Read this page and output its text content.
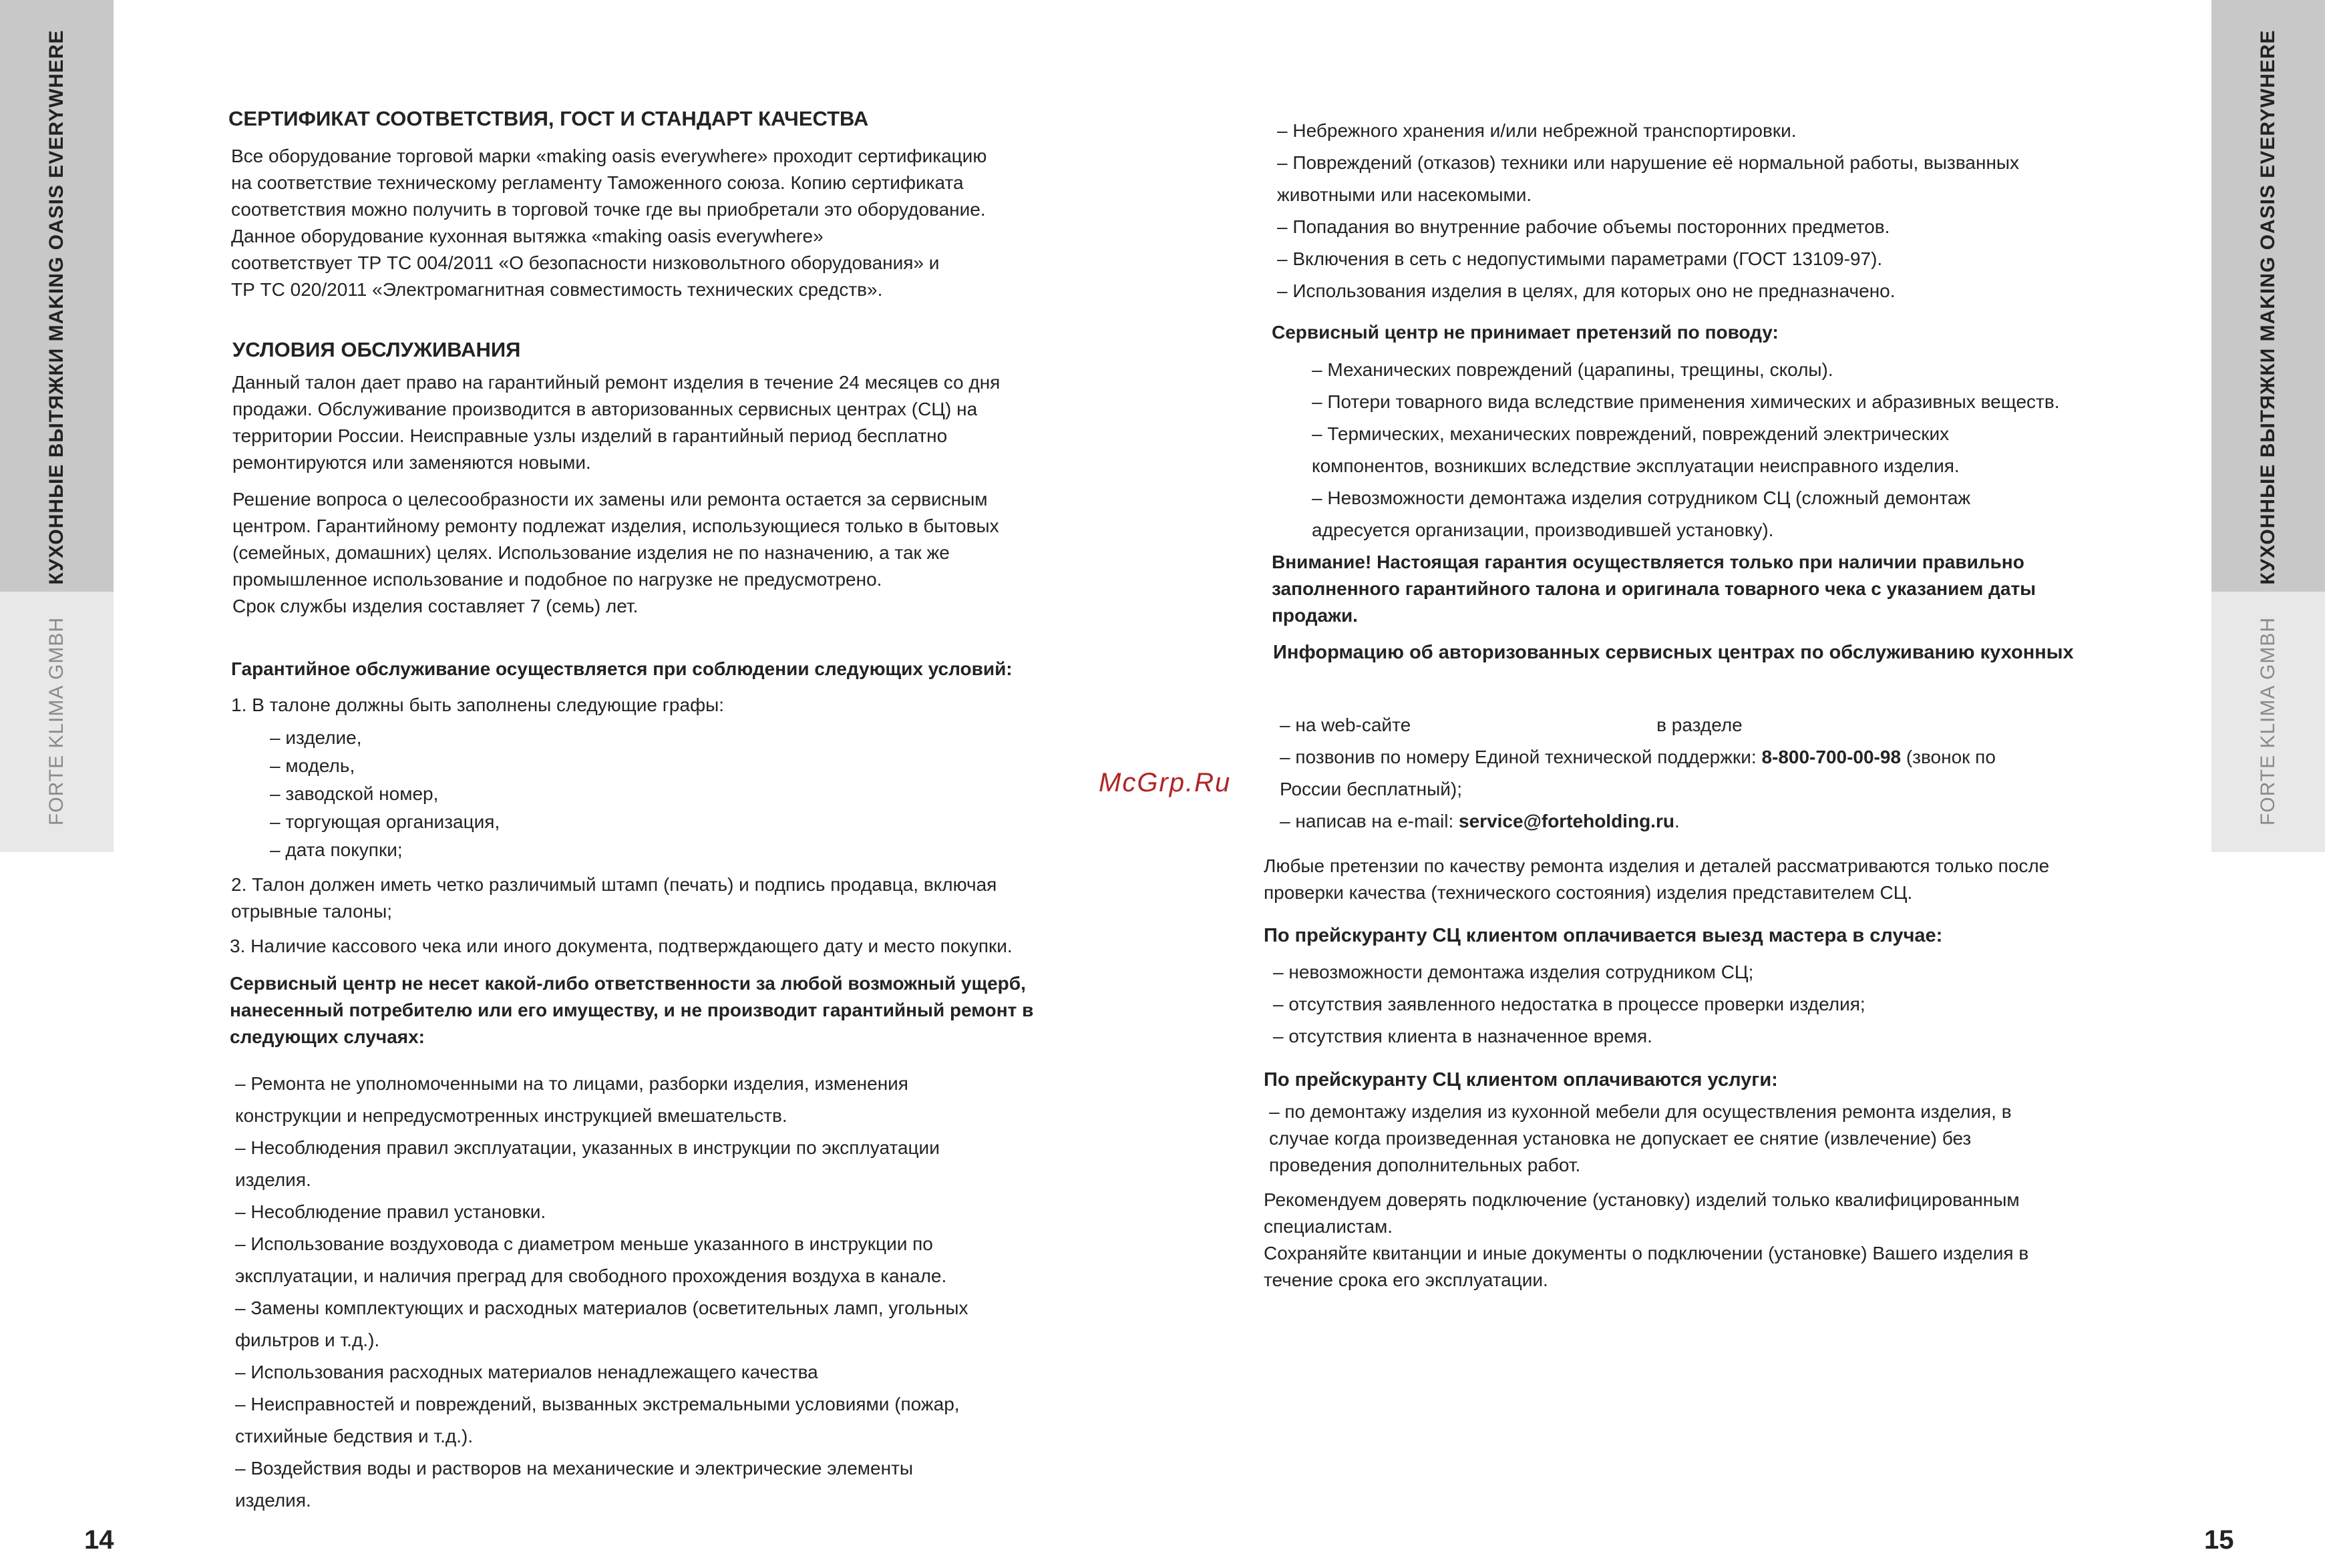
КУХОННЫЕ ВЫТЯЖКИ MAKING OASIS EVERYWHERE
FORTE KLIMA GMBH
КУХОННЫЕ ВЫТЯЖКИ MAKING OASIS EVERYWHERE
FORTE KLIMA GMBH
14	15
McGrp.Ru

СЕРТИФИКАТ СООТВЕТСТВИЯ, ГОСТ И СТАНДАРТ КАЧЕСТВА

Все оборудование торговой марки «making oasis everywhere» проходит сертификацию

на соответствие техническому регламенту Таможенного союза. Копию сертификата

соответствия можно получить в торговой точке где вы приобретали это оборудование.

Данное оборудование кухонная вытяжка «making oasis everywhere»

соответствует ТР ТС 004/2011 «О безопасности низковольтного оборудования» и

ТР ТС 020/2011 «Электромагнитная совместимость технических средств».

УСЛОВИЯ ОБСЛУЖИВАНИЯ

Данный талон дает право на гарантийный ремонт изделия в течение 24 месяцев со дня

продажи. Обслуживание производится в авторизованных сервисных центрах (СЦ) на

территории России. Неисправные узлы изделий в гарантийный период бесплатно

ремонтируются или заменяются новыми.

Решение вопроса о целесообразности их замены или ремонта остается за сервисным

центром. Гарантийному ремонту подлежат изделия, использующиеся только в бытовых

(семейных, домашних) целях. Использование изделия не по назначению, а так же

промышленное использование и подобное по нагрузке не предусмотрено.

Срок службы изделия составляет 7 (семь) лет.

Гарантийное обслуживание осуществляется при соблюдении следующих условий:

1. В талоне должны быть заполнены следующие графы:

– изделие,

– модель,

– заводской номер,

– торгующая организация,

– дата покупки;

2. Талон должен иметь четко различимый штамп (печать) и подпись продавца, включая

отрывные талоны;

3. Наличие кассового чека или иного документа, подтверждающего дату и место покупки.

Сервисный центр не несет какой-либо ответственности за любой возможный ущерб,

нанесенный потребителю или его имуществу, и не производит гарантийный ремонт в

следующих случаях:

– Ремонта не уполномоченными на то лицами, разборки изделия, изменения

конструкции и непредусмотренных инструкцией вмешательств.

– Несоблюдения правил эксплуатации, указанных в инструкции по эксплуатации

изделия.

– Несоблюдение правил установки.

– Использование воздуховода с диаметром меньше указанного в инструкции по

эксплуатации, и наличия преград для свободного прохождения воздуха в канале.

– Замены комплектующих и расходных материалов (осветительных ламп, угольных

фильтров и т.д.).

– Использования расходных материалов ненадлежащего качества

– Неисправностей и повреждений, вызванных экстремальными условиями (пожар,

стихийные бедствия и т.д.).

– Воздействия воды и растворов на механические и электрические элементы

изделия.

– Небрежного хранения и/или небрежной транспортировки.

– Повреждений (отказов) техники или нарушение её нормальной работы, вызванных

животными или насекомыми.

– Попадания во внутренние рабочие объемы посторонних предметов.

– Включения в сеть с недопустимыми параметрами (ГОСТ 13109-97).

– Использования изделия в целях, для которых оно не предназначено.

Сервисный центр не принимает претензий по поводу:

– Механических повреждений (царапины, трещины, сколы).

– Потери товарного вида вследствие применения химических и абразивных веществ.

– Термических, механических повреждений, повреждений электрических

компонентов, возникших вследствие эксплуатации неисправного изделия.

– Невозможности демонтажа изделия сотрудником СЦ (сложный демонтаж

адресуется организации, производившей установку).

Внимание! Настоящая гарантия осуществляется только при наличии правильно

заполненного гарантийного талона и оригинала товарного чека с указанием даты

продажи.

Информацию об авторизованных сервисных центрах по обслуживанию кухонных

– на web-сайте	в разделе

– позвонив по номеру Единой технической поддержки: 8-800-700-00-98 (звонок по

России бесплатный);

– написав на e-mail: service@forteholding.ru.

Любые претензии по качеству ремонта изделия и деталей рассматриваются только после

проверки качества (технического состояния) изделия представителем СЦ.

По прейскуранту СЦ клиентом оплачивается выезд мастера в случае:

– невозможности демонтажа изделия сотрудником СЦ;

– отсутствия заявленного недостатка в процессе проверки изделия;

– отсутствия клиента в назначенное время.

По прейскуранту СЦ клиентом оплачиваются услуги:

– по демонтажу изделия из кухонной мебели для осуществления ремонта изделия, в

случае когда произведенная установка не допускает ее снятие (извлечение) без

проведения дополнительных работ.

Рекомендуем доверять подключение (установку) изделий только квалифицированным

специалистам.

Сохраняйте квитанции и иные документы о подключении (установке) Вашего изделия в

течение срока его эксплуатации.
